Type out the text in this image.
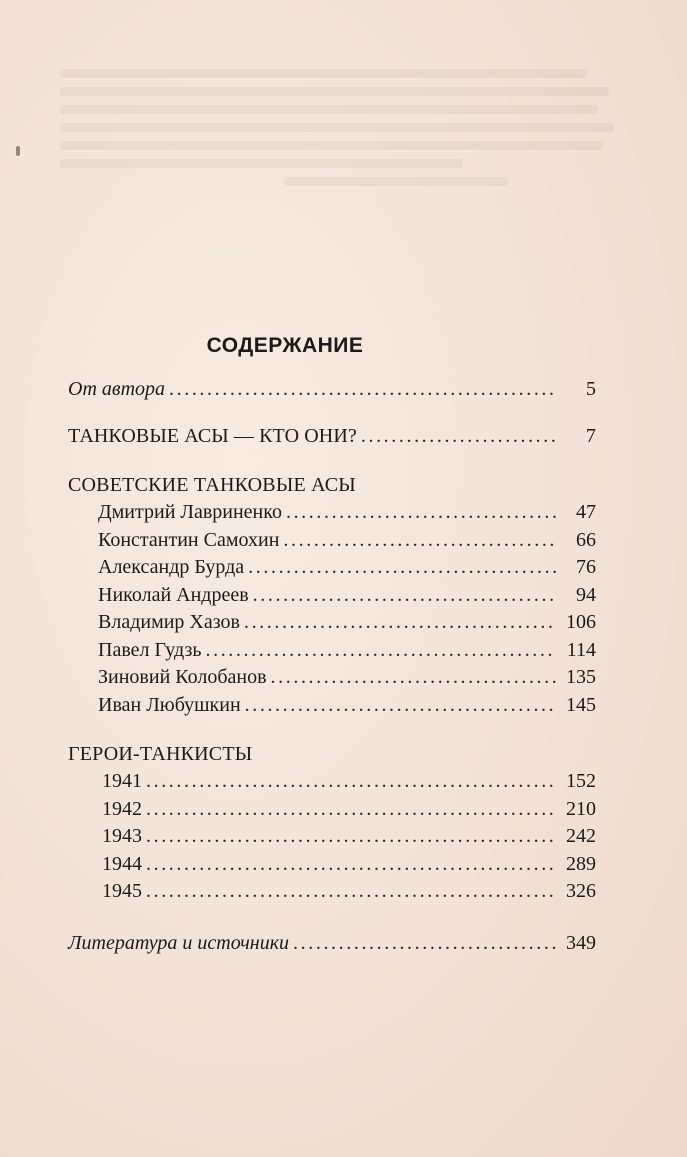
СОДЕРЖАНИЕ
От автора .....	5
ТАНКОВЫЕ АСЫ — КТО ОНИ? .....	7
СОВЕТСКИЕ ТАНКОВЫЕ АСЫ
Дмитрий Лавриненко .....	47
Константин Самохин .....	66
Александр Бурда .....	76
Николай Андреев .....	94
Владимир Хазов .....	106
Павел Гудзь .....	114
Зиновий Колобанов .....	135
Иван Любушкин .....	145
ГЕРОИ-ТАНКИСТЫ
1941 .....	152
1942 .....	210
1943 .....	242
1944 .....	289
1945 .....	326
Литература и источники .....	349
